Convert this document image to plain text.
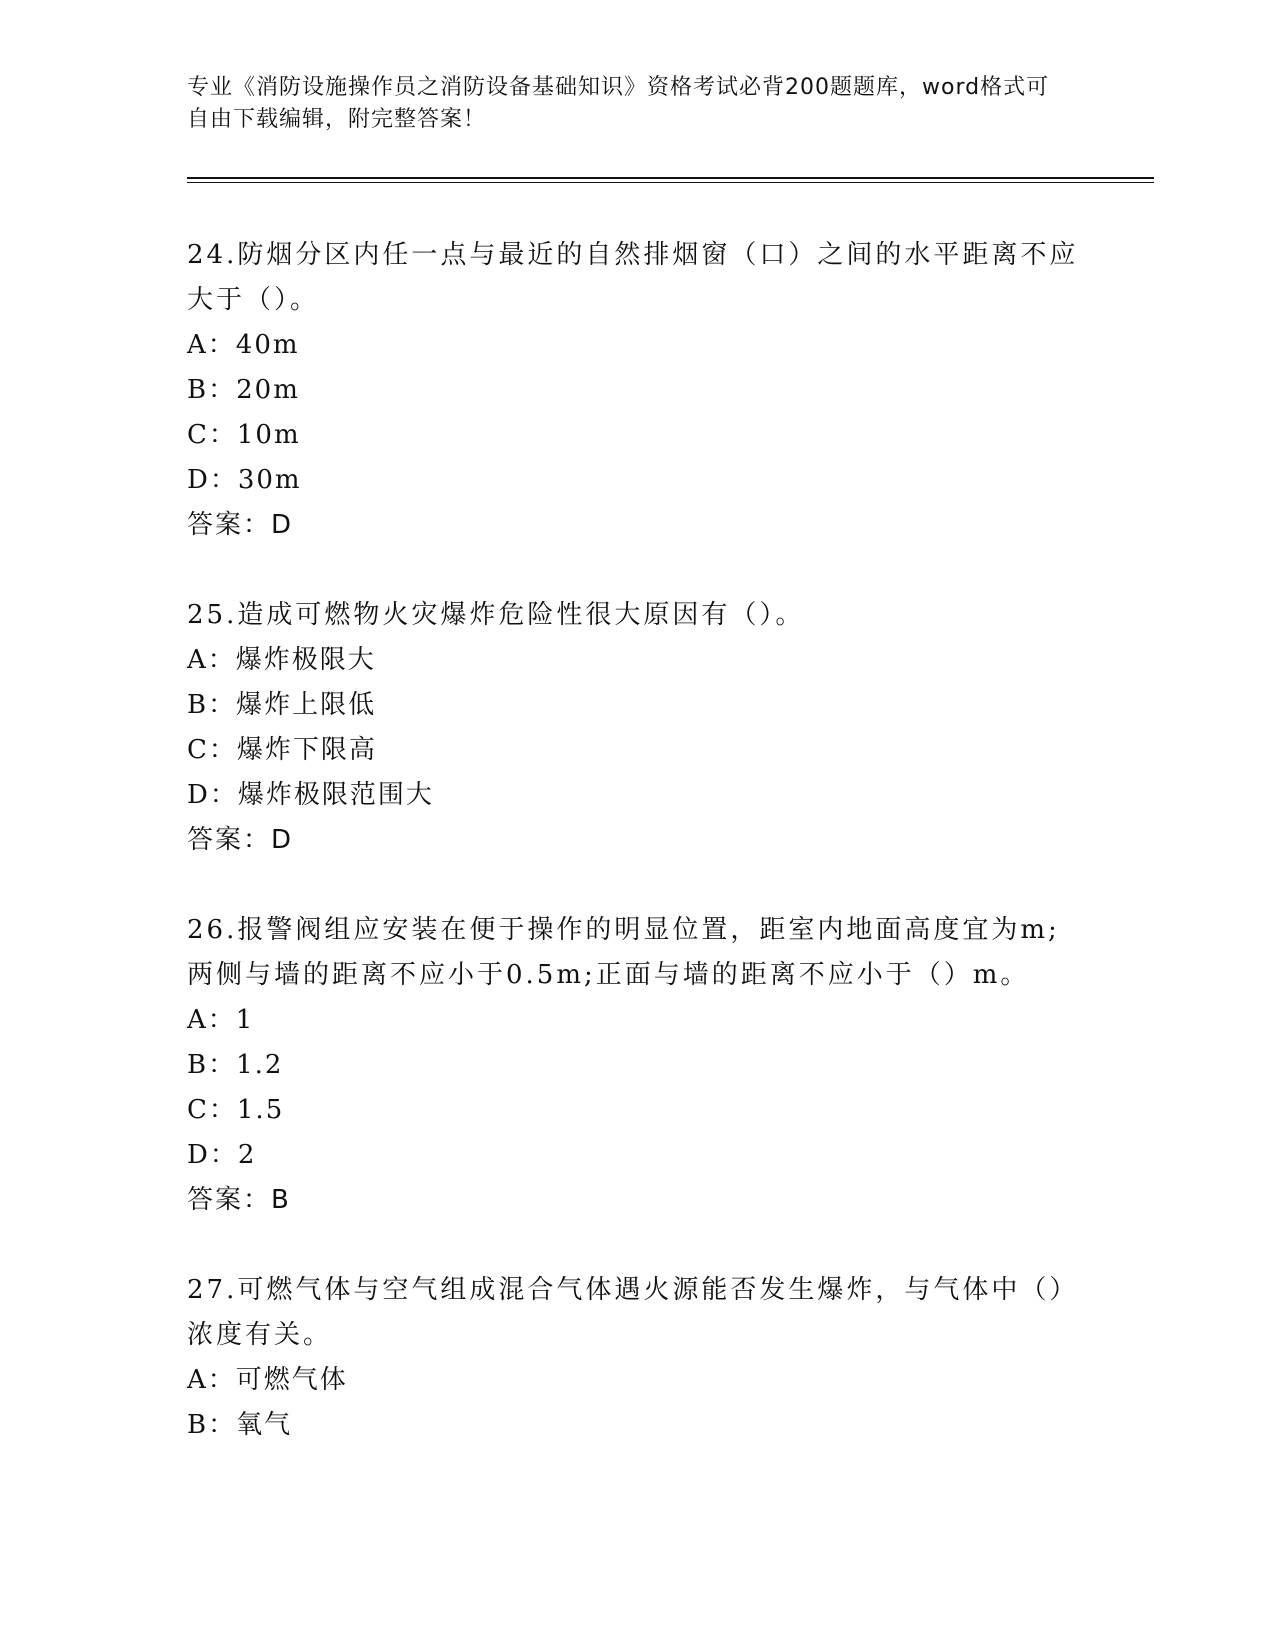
专业《消防设施操作员之消防设备基础知识》资格考试必背200题题库，word格式可自由下载编辑，附完整答案！

24.防烟分区内任一点与最近的自然排烟窗（口）之间的水平距离不应大于（）。

A：40m

B：20m

C：10m

D：30m

答案：D

25.造成可燃物火灾爆炸危险性很大原因有（）。

A：爆炸极限大

B：爆炸上限低

C：爆炸下限高

D：爆炸极限范围大

答案：D

26.报警阀组应安装在便于操作的明显位置，距室内地面高度宜为m;两侧与墙的距离不应小于0.5m;正面与墙的距离不应小于（）m。

A：1

B：1.2

C：1.5

D：2

答案：B

27.可燃气体与空气组成混合气体遇火源能否发生爆炸，与气体中（）浓度有关。

A：可燃气体

B：氧气
